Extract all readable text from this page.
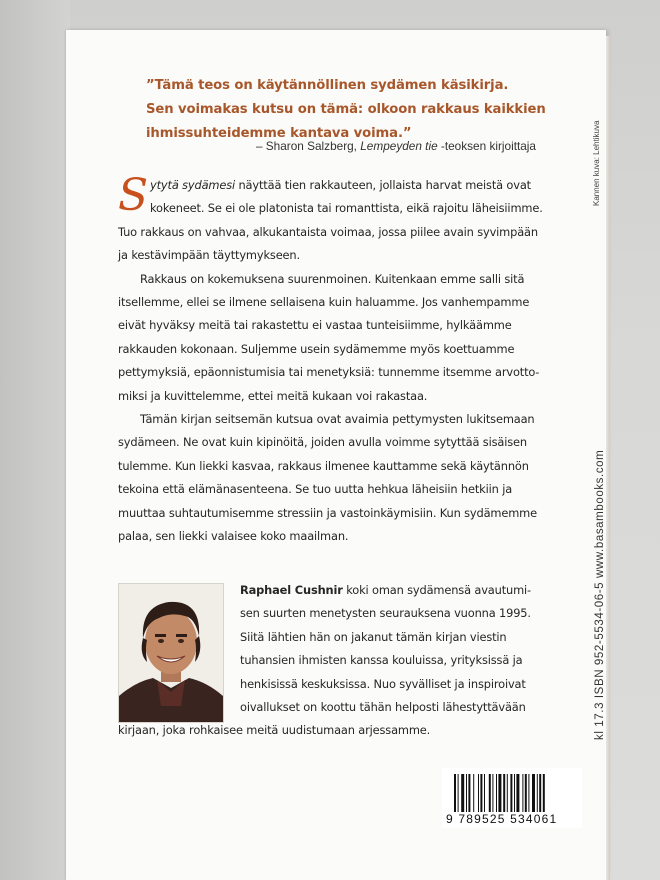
”Tämä teos on käytännöllinen sydämen käsikirja.
Sen voimakas kutsu on tämä: olkoon rakkaus kaikkien
ihmissuhteidemme kantava voima.”
– Sharon Salzberg, Lempeyden tie -teoksen kirjoittaja

Sytytä sydämesi näyttää tien rakkauteen, jollaista harvat meistä ovat kokeneet. Se ei ole platonista tai romanttista, eikä rajoitu läheisiimme. Tuo rakkaus on vahvaa, alkukantaista voimaa, jossa piilee avain syvimpään ja kestävimpään täyttymykseen.

Rakkaus on kokemuksena suurenmoinen. Kuitenkaan emme salli sitä itsellemme, ellei se ilmene sellaisena kuin haluamme. Jos vanhempamme eivät hyväksy meitä tai rakastettu ei vastaa tunteisiimme, hylkäämme rakkauden kokonaan. Suljemme usein sydämemme myös koettuamme pettymyksiä, epäonnistumisia tai menetyksiä: tunnemme itsemme arvottomiksi ja kuvittelemme, ettei meitä kukaan voi rakastaa.

Tämän kirjan seitsemän kutsua ovat avaimia pettymysten lukitsemaan sydämeen. Ne ovat kuin kipinöitä, joiden avulla voimme sytyttää sisäisen tulemme. Kun liekki kasvaa, rakkaus ilmenee kauttamme sekä käytännön tekoina että elämänasenteena. Se tuo uutta hehkua läheisiin hetkiin ja muuttaa suhtautumisemme stressiin ja vastoinkäymisiin. Kun sydämemme palaa, sen liekki valaisee koko maailman.

Raphael Cushnir koki oman sydämensä avautumi-
sen suurten menetysten seurauksena vuonna 1995.
Siitä lähtien hän on jakanut tämän kirjan viestin
tuhansien ihmisten kanssa kouluissa, yrityksissä ja
henkisissä keskuksissa. Nuo syvälliset ja inspiroivat
oivallukset on koottu tähän helposti lähestyttävään
kirjaan, joka rohkaisee meitä uudistumaan arjessamme.
Kannen kuva: Lehtikuva
kl 17.3 ISBN 952-5534-06-5 www.basambooks.com
9 789525 534061
